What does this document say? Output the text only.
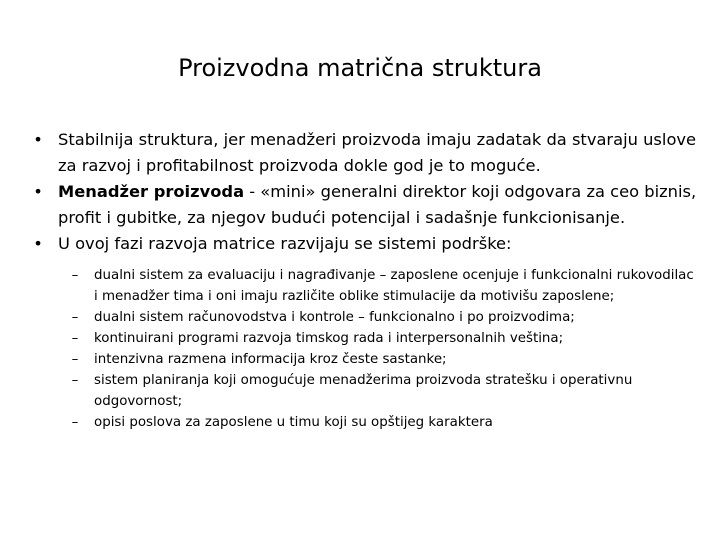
Proizvodna matrična struktura
• Stabilnija struktura, jer menadžeri proizvoda imaju zadatak da stvaraju uslove za razvoj i profitabilnost proizvoda dokle god je to moguće.
• Menadžer proizvoda - «mini» generalni direktor koji odgovara za ceo biznis, profit i gubitke, za njegov budući potencijal i sadašnje funkcionisanje.
• U ovoj fazi razvoja matrice razvijaju se sistemi podrške:
–	dualni sistem za evaluaciju i nagrađivanje – zaposlene ocenjuje i funkcionalni rukovodilac i menadžer tima i oni imaju različite oblike stimulacije da motivišu zaposlene;
–	dualni sistem računovodstva i kontrole – funkcionalno i po proizvodima;
–	kontinuirani programi razvoja timskog rada i interpersonalnih veština;
–	intenzivna razmena informacija kroz česte sastanke;
–	sistem planiranja koji omogućuje menadžerima proizvoda stratešku i operativnu odgovornost;
–	opisi poslova za zaposlene u timu koji su opštijeg karaktera
